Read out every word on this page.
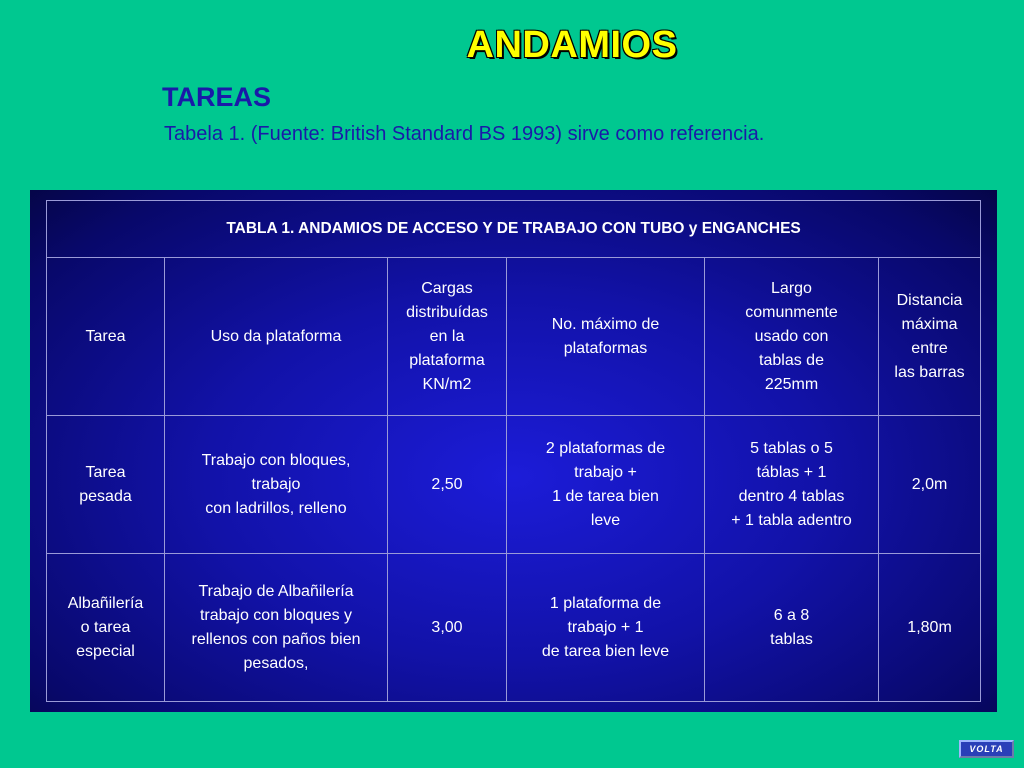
ANDAMIOS
TAREAS
Tabela 1. (Fuente: British Standard BS 1993) sirve como referencia.
TABLA 1. ANDAMIOS DE ACCESO Y DE TRABAJO CON TUBO y ENGANCHES					

Tarea	Uso da plataforma	Cargas
distribuídas
en la
plataforma
KN/m2	No. máximo de
plataformas	Largo
comunmente
usado con
tablas de
225mm	Distancia
máxima
entre
las barras

Tarea
pesada	Trabajo con bloques,
trabajo
con ladrillos, relleno	2,50	2 plataformas de
trabajo +
1 de tarea bien
leve	5 tablas o 5
táblas + 1
dentro 4 tablas
+ 1 tabla adentro	2,0m

Albañilería
o tarea
especial	Trabajo de Albañilería
trabajo con bloques y
rellenos con paños bien
pesados,	3,00	1 plataforma de
trabajo + 1
de tarea bien leve	6 a 8
tablas	1,80m
VOLTA
